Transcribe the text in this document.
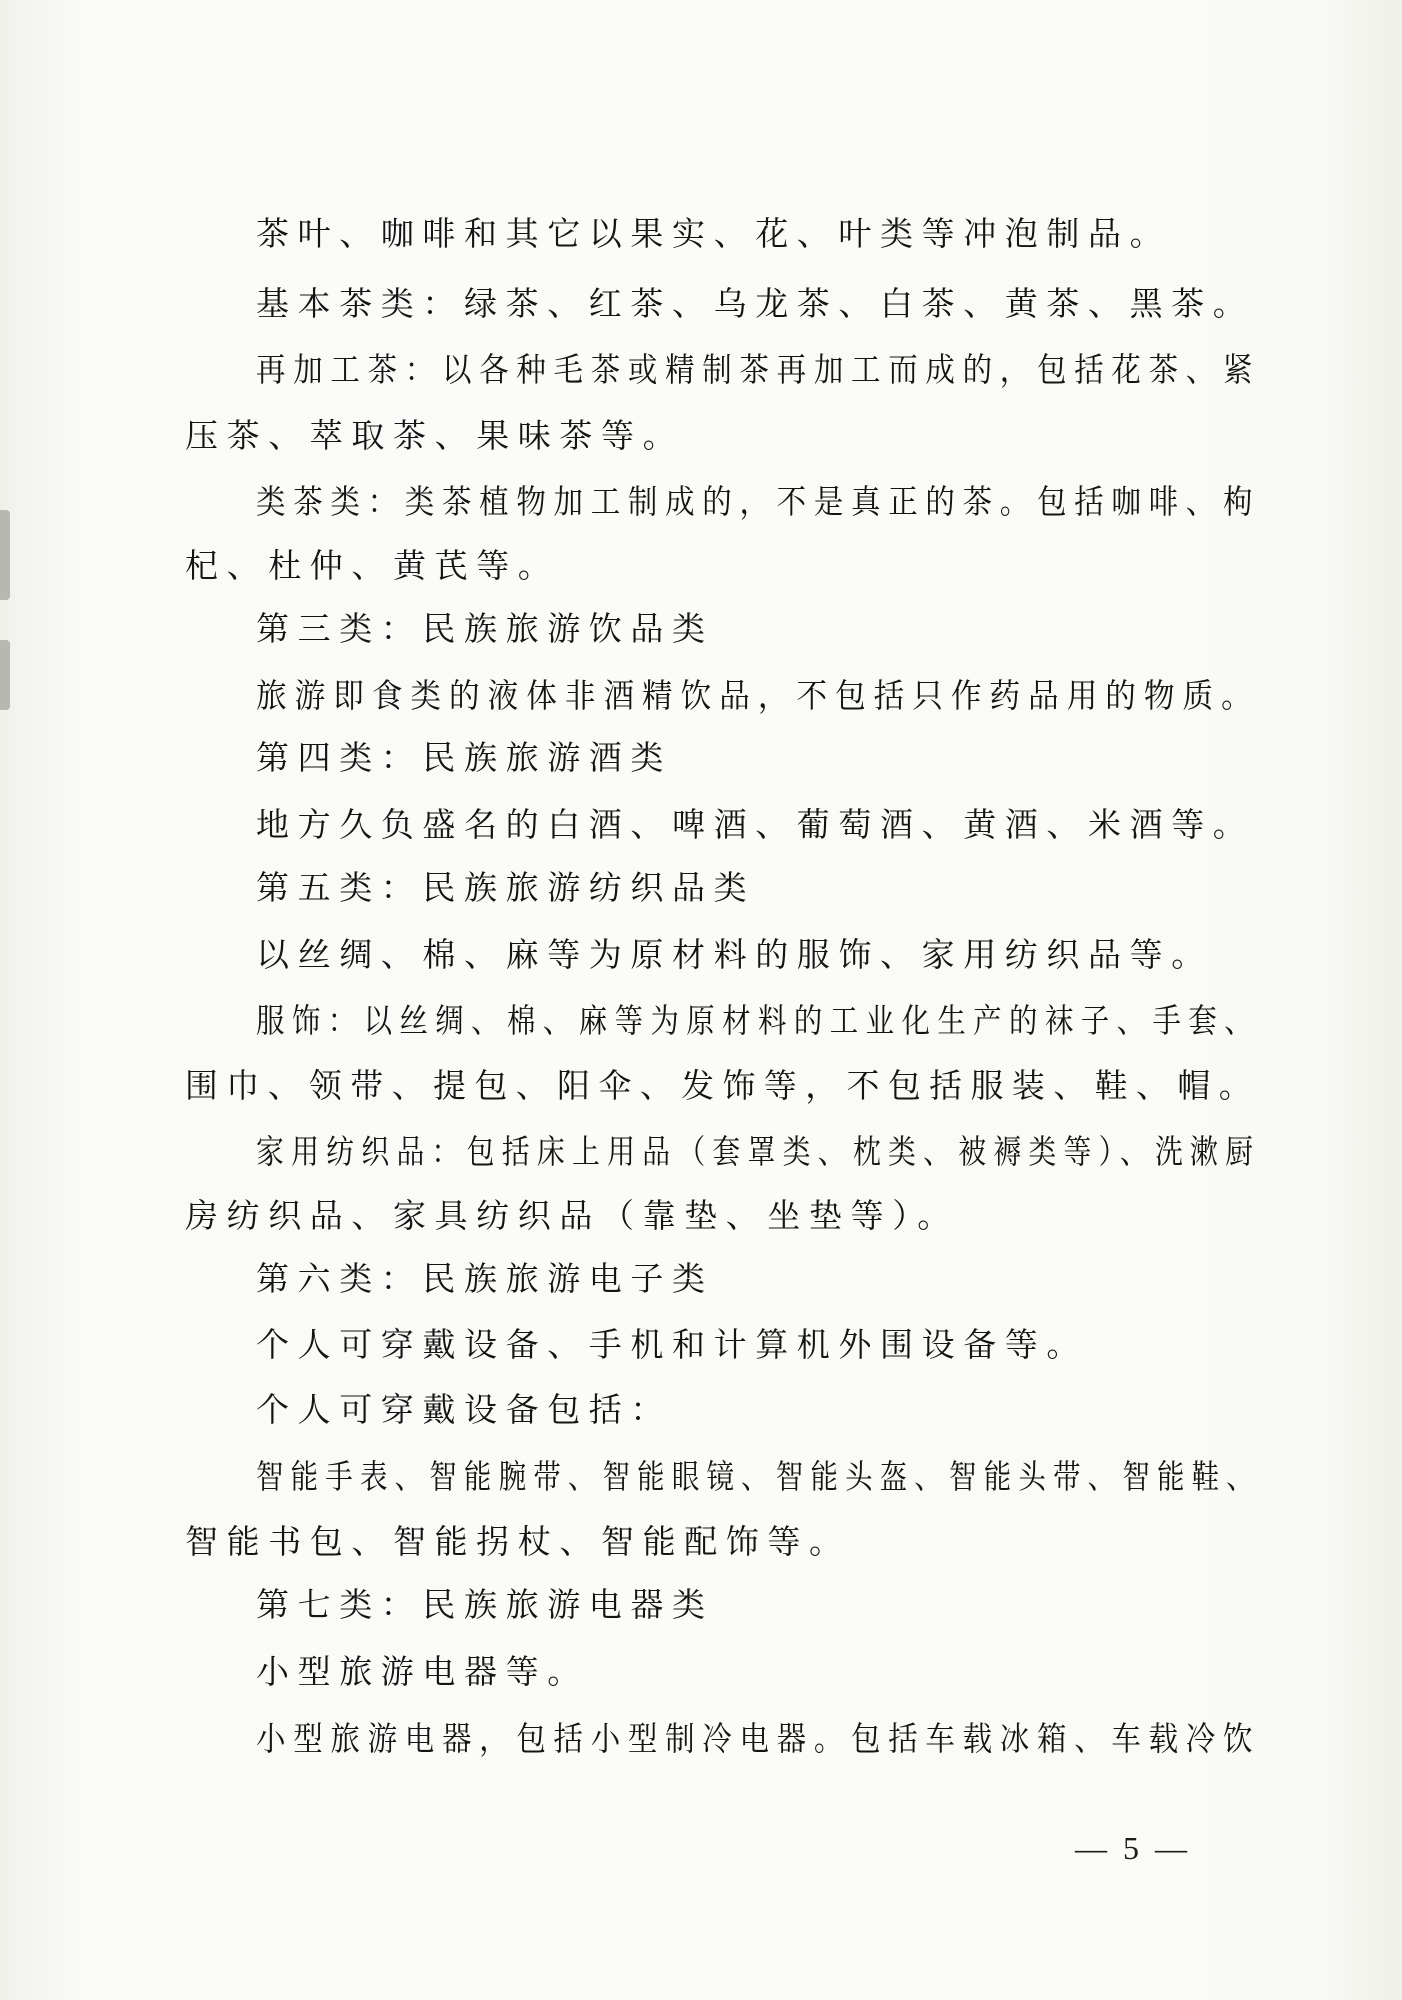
茶叶、咖啡和其它以果实、花、叶类等冲泡制品。
基本茶类：绿茶、红茶、乌龙茶、白茶、黄茶、黑茶。
再加工茶：以各种毛茶或精制茶再加工而成的，包括花茶、紧
压茶、萃取茶、果味茶等。
类茶类：类茶植物加工制成的，不是真正的茶。包括咖啡、枸
杞、杜仲、黄芪等。
第三类：民族旅游饮品类
旅游即食类的液体非酒精饮品，不包括只作药品用的物质。
第四类：民族旅游酒类
地方久负盛名的白酒、啤酒、葡萄酒、黄酒、米酒等。
第五类：民族旅游纺织品类
以丝绸、棉、麻等为原材料的服饰、家用纺织品等。
服饰：以丝绸、棉、麻等为原材料的工业化生产的袜子、手套、
围巾、领带、提包、阳伞、发饰等，不包括服装、鞋、帽。
家用纺织品：包括床上用品（套罩类、枕类、被褥类等）、洗漱厨
房纺织品、家具纺织品（靠垫、坐垫等）。
第六类：民族旅游电子类
个人可穿戴设备、手机和计算机外围设备等。
个人可穿戴设备包括：
智能手表、智能腕带、智能眼镜、智能头盔、智能头带、智能鞋、
智能书包、智能拐杖、智能配饰等。
第七类：民族旅游电器类
小型旅游电器等。
小型旅游电器，包括小型制冷电器。包括车载冰箱、车载冷饮
— 5 —
